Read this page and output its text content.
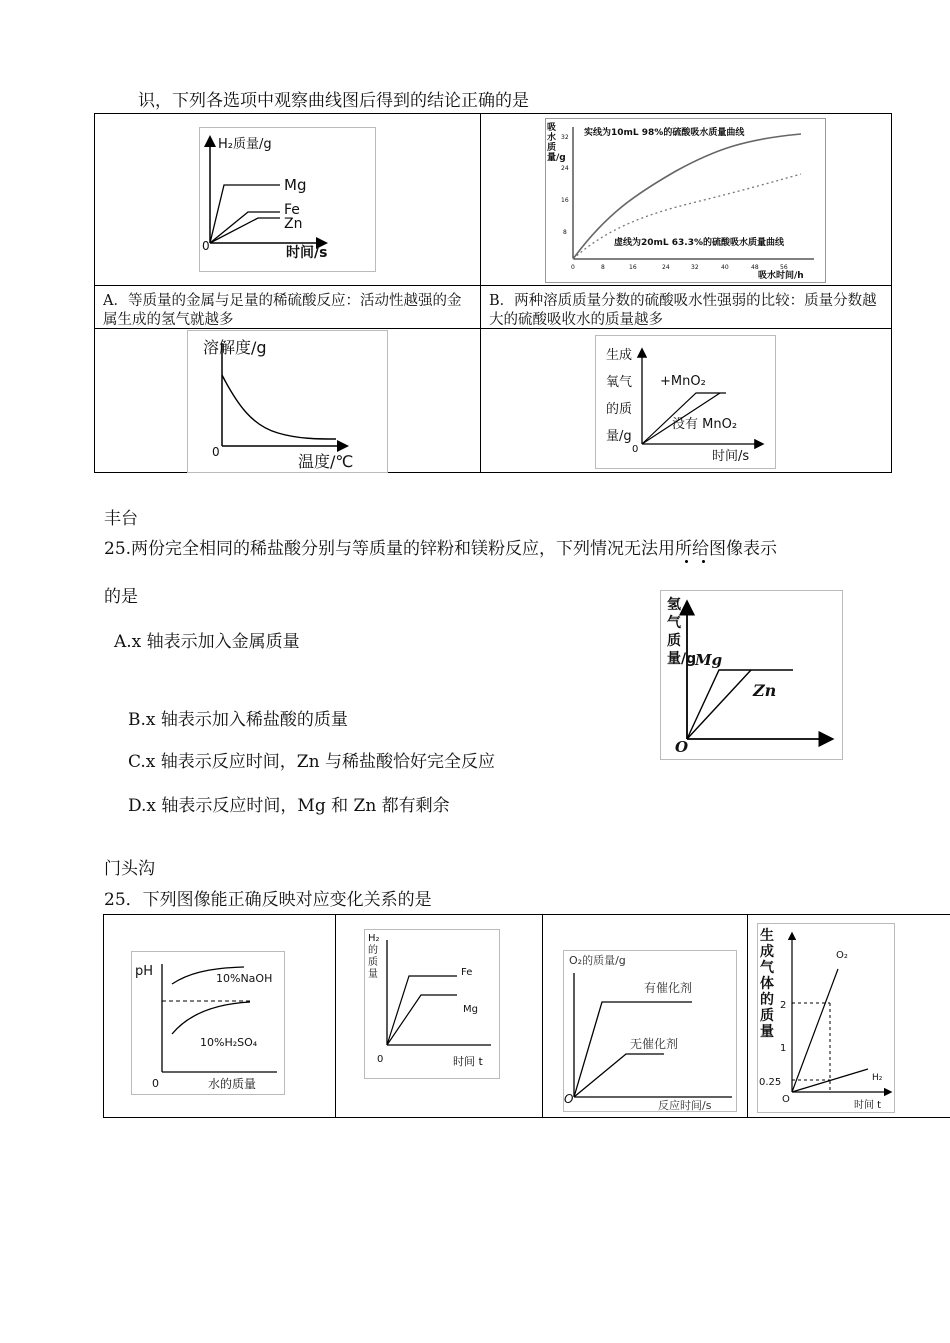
识，下列各选项中观察曲线图后得到的结论正确的是
H₂质量/g
Mg
Fe
Zn
0	时间/s
吸水质量/g
32
24
16
8
实线为10mL 98%的硫酸吸水质量曲线
虚线为20mL 63.3%的硫酸吸水质量曲线
0	8	16	24	32	40	48	56
吸水时间/h
A．等质量的金属与足量的稀硫酸反应：活动性越强的金属生成的氢气就越多
B．两种溶质质量分数的硫酸吸水性强弱的比较：质量分数越大的硫酸吸收水的质量越多
溶解度/g
0	温度/℃
生成
氧气
的质
量/g
+MnO₂
没有 MnO₂
0	时间/s
丰台
25.两份完全相同的稀盐酸分别与等质量的锌粉和镁粉反应，下列情况无法用所给图像表示
的是
A.x 轴表示加入金属质量
B.x 轴表示加入稀盐酸的质量
C.x 轴表示反应时间，Zn 与稀盐酸恰好完全反应
D.x 轴表示反应时间，Mg 和 Zn 都有剩余
氢气质量/g
Mg
Zn
O
门头沟
25．下列图像能正确反映对应变化关系的是
pH	10%NaOH
10%H₂SO₄
0	水的质量
H₂的质量	Fe
Mg
0	时间 t
O₂的质量/g
有催化剂
无催化剂
O	反应时间/s
生成气体的质量
O₂
H₂
2
1
0.25
O
时间 t
